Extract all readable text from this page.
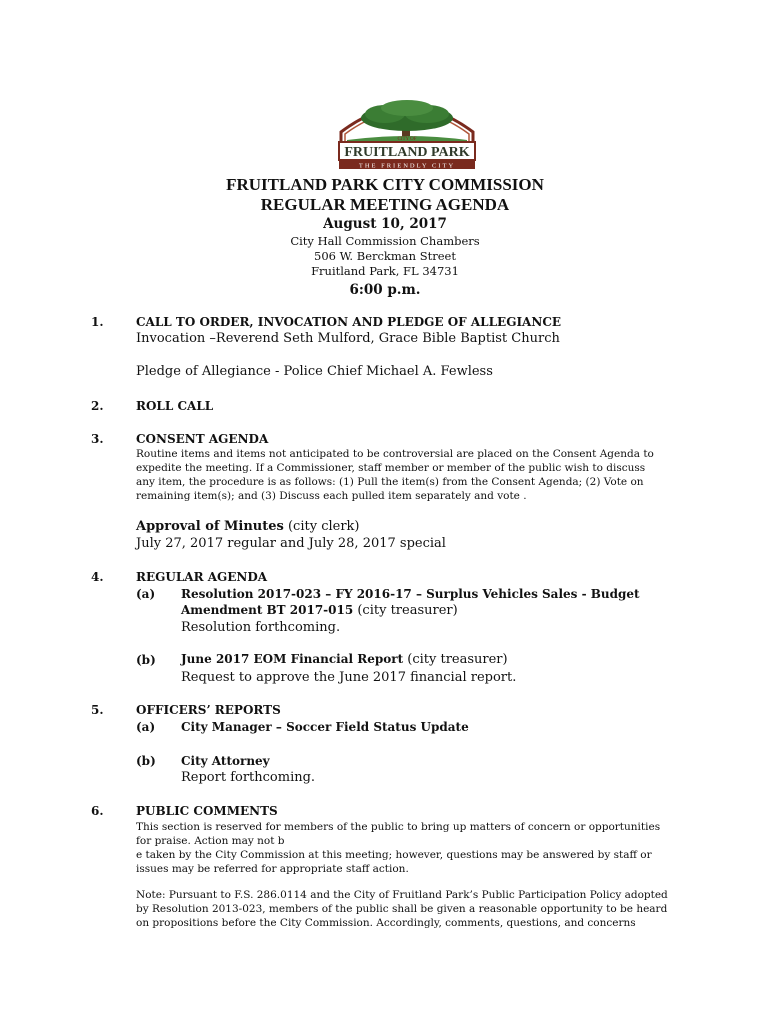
CITY OF
FRUITLAND PARK
THE FRIENDLY CITY
FRUITLAND PARK CITY COMMISSION
REGULAR MEETING AGENDA
August 10, 2017
City Hall Commission Chambers
506 W. Berckman Street
Fruitland Park, FL 34731
6:00 p.m.
1.	CALL TO ORDER, INVOCATION AND PLEDGE OF ALLEGIANCE
Invocation –Reverend Seth Mulford, Grace Bible Baptist Church
Pledge of Allegiance - Police Chief Michael A. Fewless
2.	ROLL CALL
3.	CONSENT AGENDA
Routine items and items not anticipated to be controversial are placed on the Consent Agenda to
expedite the meeting. If a Commissioner, staff member or member of the public wish to discuss
any item, the procedure is as follows: (1) Pull the item(s) from the Consent Agenda; (2) Vote on
remaining item(s); and (3) Discuss each pulled item separately and vote .
Approval of Minutes (city clerk)
July 27, 2017 regular and July 28, 2017 special
4.	REGULAR AGENDA
(a) Resolution 2017-023 – FY 2016-17 – Surplus Vehicles Sales - Budget
Amendment BT 2017-015 (city treasurer)
Resolution forthcoming.
(b) June 2017 EOM Financial Report (city treasurer)
Request to approve the June 2017 financial report.
5.	OFFICERS’ REPORTS
(a) City Manager – Soccer Field Status Update
(b) City Attorney
Report forthcoming.
6.	PUBLIC COMMENTS
This section is reserved for members of the public to bring up matters of concern or opportunities
for praise. Action may not b
e taken by the City Commission at this meeting; however, questions may be answered by staff or
issues may be referred for appropriate staff action.
Note: Pursuant to F.S. 286.0114 and the City of Fruitland Park’s Public Participation Policy adopted
by Resolution 2013-023, members of the public shall be given a reasonable opportunity to be heard
on propositions before the City Commission. Accordingly, comments, questions, and concerns
